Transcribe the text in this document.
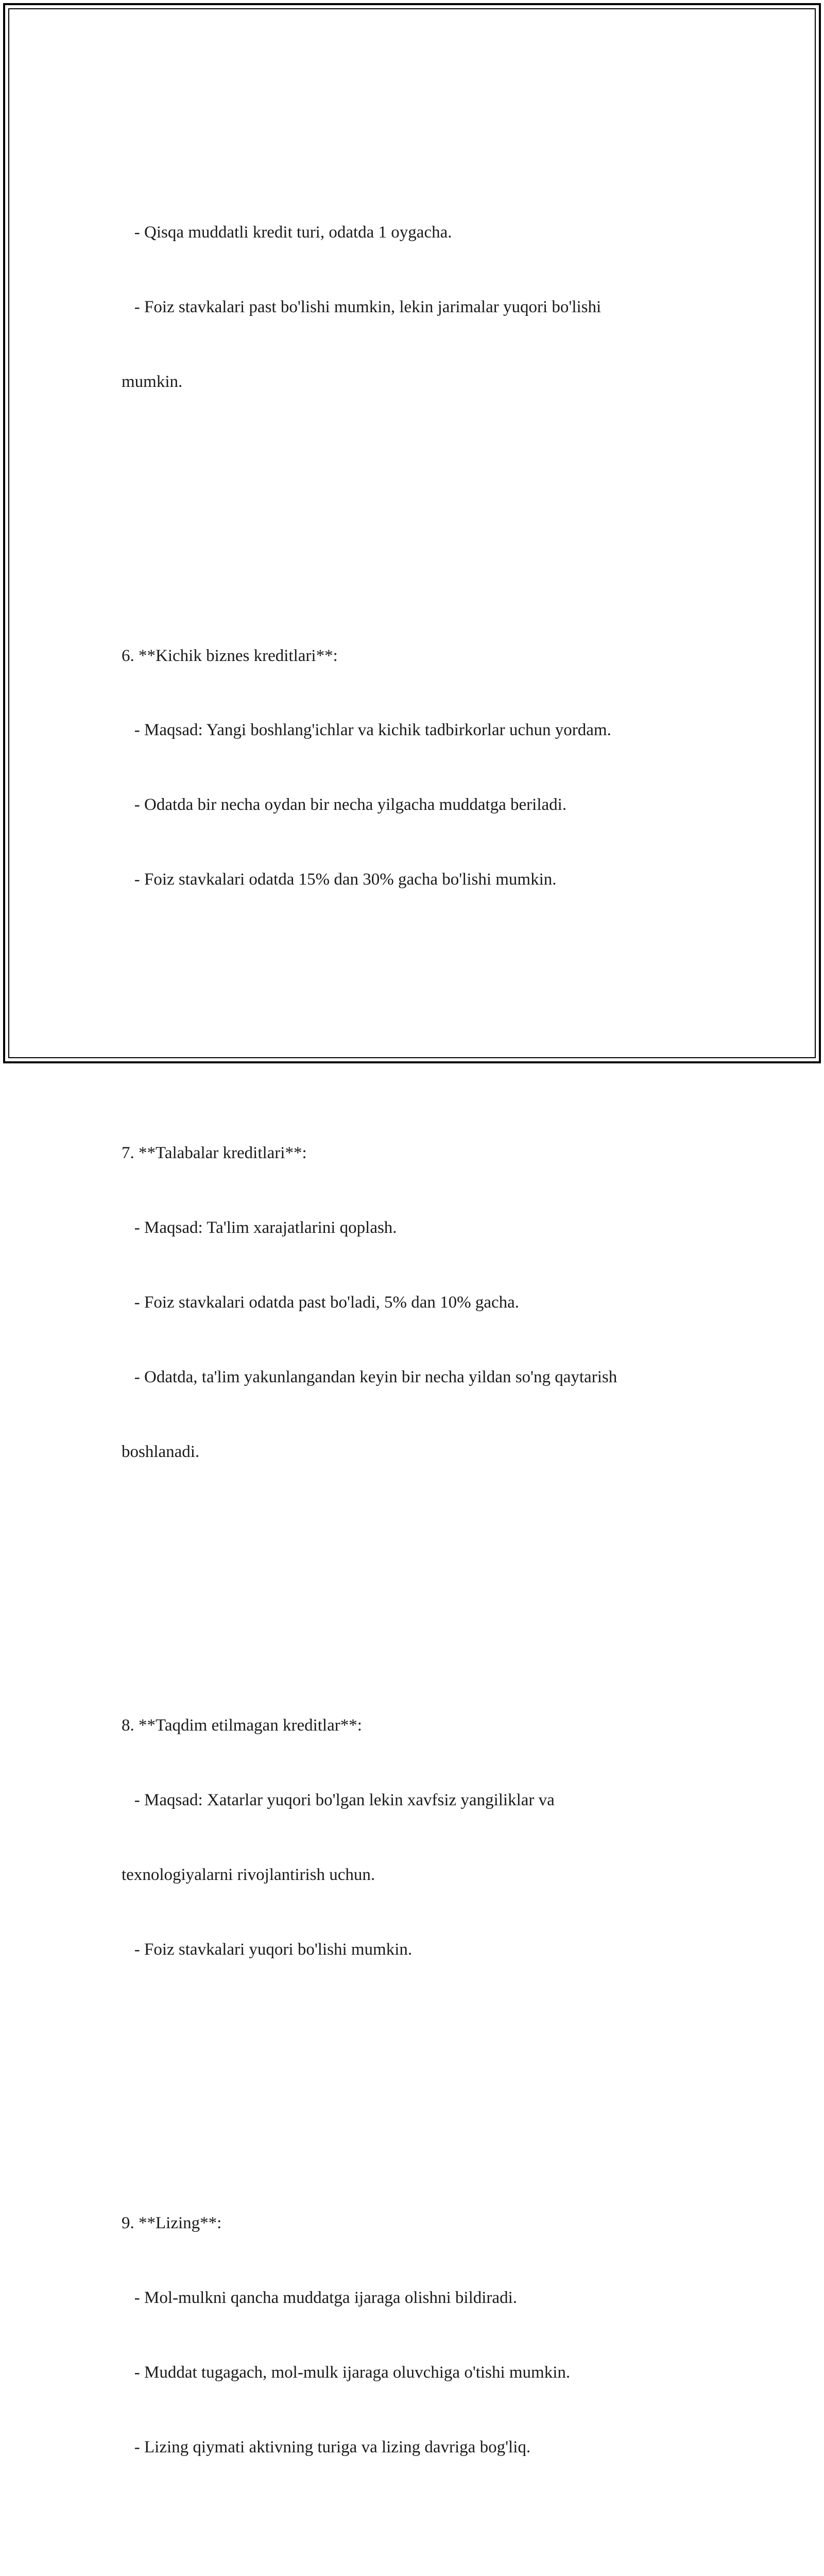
- Qisqa muddatli kredit turi, odatda 1 oygacha.

- Foiz stavkalari past bo'lishi mumkin, lekin jarimalar yuqori bo'lishi

mumkin.

6. **Kichik biznes kreditlari**:

- Maqsad: Yangi boshlang'ichlar va kichik tadbirkorlar uchun yordam.

- Odatda bir necha oydan bir necha yilgacha muddatga beriladi.

- Foiz stavkalari odatda 15% dan 30% gacha bo'lishi mumkin.

7. **Talabalar kreditlari**:

- Maqsad: Ta'lim xarajatlarini qoplash.

- Foiz stavkalari odatda past bo'ladi, 5% dan 10% gacha.

- Odatda, ta'lim yakunlangandan keyin bir necha yildan so'ng qaytarish

boshlanadi.

8. **Taqdim etilmagan kreditlar**:

- Maqsad: Xatarlar yuqori bo'lgan lekin xavfsiz yangiliklar va

texnologiyalarni rivojlantirish uchun.

- Foiz stavkalari yuqori bo'lishi mumkin.

9. **Lizing**:

- Mol-mulkni qancha muddatga ijaraga olishni bildiradi.

- Muddat tugagach, mol-mulk ijaraga oluvchiga o'tishi mumkin.

- Lizing qiymati aktivning turiga va lizing davriga bog'liq.
